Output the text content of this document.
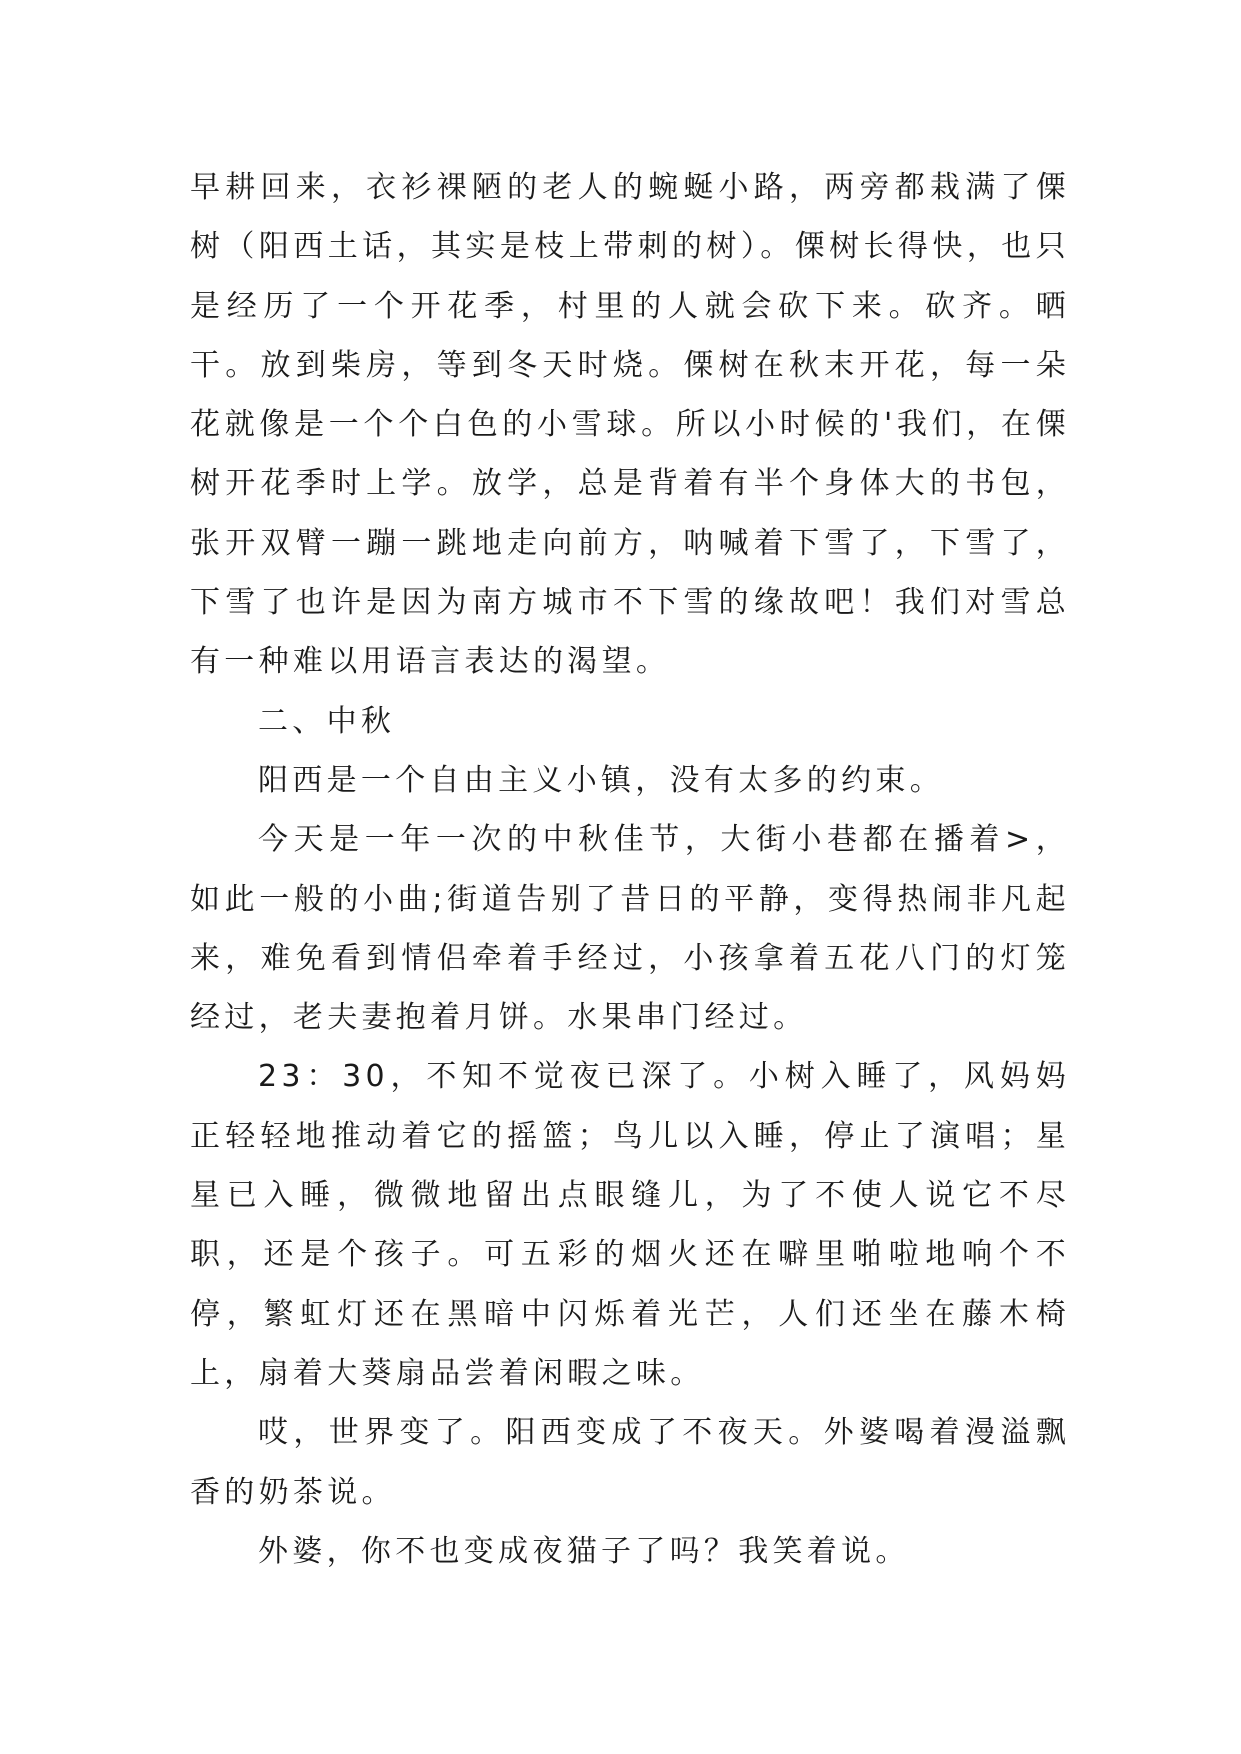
早耕回来，衣衫裸陋的老人的蜿蜒小路，两旁都栽满了傈树（阳西土话，其实是枝上带刺的树）。傈树长得快，也只是经历了一个开花季，村里的人就会砍下来。砍齐。晒干。放到柴房，等到冬天时烧。傈树在秋末开花，每一朵花就像是一个个白色的小雪球。所以小时候的'我们，在傈树开花季时上学。放学，总是背着有半个身体大的书包，张开双臂一蹦一跳地走向前方，呐喊着下雪了，下雪了，下雪了也许是因为南方城市不下雪的缘故吧！我们对雪总有一种难以用语言表达的渴望。

二、中秋

阳西是一个自由主义小镇，没有太多的约束。

今天是一年一次的中秋佳节，大街小巷都在播着>，如此一般的小曲;街道告别了昔日的平静，变得热闹非凡起来，难免看到情侣牵着手经过，小孩拿着五花八门的灯笼经过，老夫妻抱着月饼。水果串门经过。

23：30，不知不觉夜已深了。小树入睡了，风妈妈正轻轻地推动着它的摇篮；鸟儿以入睡，停止了演唱；星星已入睡，微微地留出点眼缝儿，为了不使人说它不尽职，还是个孩子。可五彩的烟火还在噼里啪啦地响个不停，繁虹灯还在黑暗中闪烁着光芒，人们还坐在藤木椅上，扇着大葵扇品尝着闲暇之味。

哎，世界变了。阳西变成了不夜天。外婆喝着漫溢飘香的奶茶说。

外婆，你不也变成夜猫子了吗？我笑着说。
